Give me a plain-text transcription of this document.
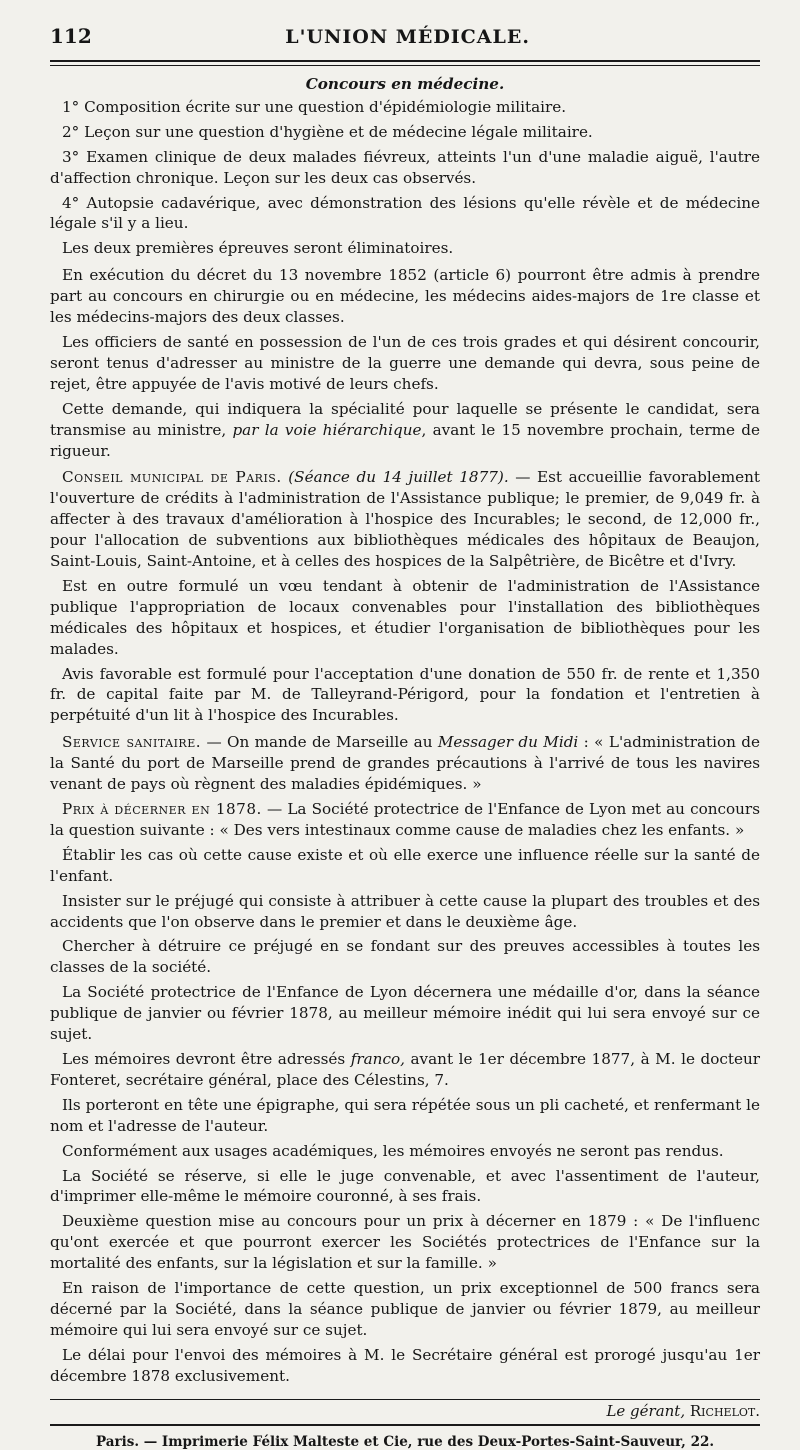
112	L'UNION MÉDICALE.

Concours en médecine.

1° Composition écrite sur une question d'épidémiologie militaire.

2° Leçon sur une question d'hygiène et de médecine légale militaire.

3° Examen clinique de deux malades fiévreux, atteints l'un d'une maladie aiguë, l'autre d'affection chronique. Leçon sur les deux cas observés.

4° Autopsie cadavérique, avec démonstration des lésions qu'elle révèle et de médecine légale s'il y a lieu.

Les deux premières épreuves seront éliminatoires.

En exécution du décret du 13 novembre 1852 (article 6) pourront être admis à prendre part au concours en chirurgie ou en médecine, les médecins aides-majors de 1re classe et les médecins-majors des deux classes.

Les officiers de santé en possession de l'un de ces trois grades et qui désirent concourir, seront tenus d'adresser au ministre de la guerre une demande qui devra, sous peine de rejet, être appuyée de l'avis motivé de leurs chefs.

Cette demande, qui indiquera la spécialité pour laquelle se présente le candidat, sera transmise au ministre, par la voie hiérarchique, avant le 15 novembre prochain, terme de rigueur.

Conseil municipal de Paris. (Séance du 14 juillet 1877). — Est accueillie favorablement l'ouverture de crédits à l'administration de l'Assistance publique; le premier, de 9,049 fr. à affecter à des travaux d'amélioration à l'hospice des Incurables; le second, de 12,000 fr., pour l'allocation de subventions aux bibliothèques médicales des hôpitaux de Beaujon, Saint-Louis, Saint-Antoine, et à celles des hospices de la Salpêtrière, de Bicêtre et d'Ivry.

Est en outre formulé un vœu tendant à obtenir de l'administration de l'Assistance publique l'appropriation de locaux convenables pour l'installation des bibliothèques médicales des hôpitaux et hospices, et étudier l'organisation de bibliothèques pour les malades.

Avis favorable est formulé pour l'acceptation d'une donation de 550 fr. de rente et 1,350 fr. de capital faite par M. de Talleyrand-Périgord, pour la fondation et l'entretien à perpétuité d'un lit à l'hospice des Incurables.

Service sanitaire. — On mande de Marseille au Messager du Midi : « L'administration de la Santé du port de Marseille prend de grandes précautions à l'arrivé de tous les navires venant de pays où règnent des maladies épidémiques. »

Prix à décerner en 1878. — La Société protectrice de l'Enfance de Lyon met au concours la question suivante : « Des vers intestinaux comme cause de maladies chez les enfants. »

Établir les cas où cette cause existe et où elle exerce une influence réelle sur la santé de l'enfant.

Insister sur le préjugé qui consiste à attribuer à cette cause la plupart des troubles et des accidents que l'on observe dans le premier et dans le deuxième âge.

Chercher à détruire ce préjugé en se fondant sur des preuves accessibles à toutes les classes de la société.

La Société protectrice de l'Enfance de Lyon décernera une médaille d'or, dans la séance publique de janvier ou février 1878, au meilleur mémoire inédit qui lui sera envoyé sur ce sujet.

Les mémoires devront être adressés franco, avant le 1er décembre 1877, à M. le docteur Fonteret, secrétaire général, place des Célestins, 7.

Ils porteront en tête une épigraphe, qui sera répétée sous un pli cacheté, et renfermant le nom et l'adresse de l'auteur.

Conformément aux usages académiques, les mémoires envoyés ne seront pas rendus.

La Société se réserve, si elle le juge convenable, et avec l'assentiment de l'auteur, d'imprimer elle-même le mémoire couronné, à ses frais.

Deuxième question mise au concours pour un prix à décerner en 1879 : « De l'influenc qu'ont exercée et que pourront exercer les Sociétés protectrices de l'Enfance sur la mortalité des enfants, sur la législation et sur la famille. »

En raison de l'importance de cette question, un prix exceptionnel de 500 francs sera décerné par la Société, dans la séance publique de janvier ou février 1879, au meilleur mémoire qui lui sera envoyé sur ce sujet.

Le délai pour l'envoi des mémoires à M. le Secrétaire général est prorogé jusqu'au 1er décembre 1878 exclusivement.

Le gérant, Richelot.
Paris. — Imprimerie Félix Malteste et Cie, rue des Deux-Portes-Saint-Sauveur, 22.
